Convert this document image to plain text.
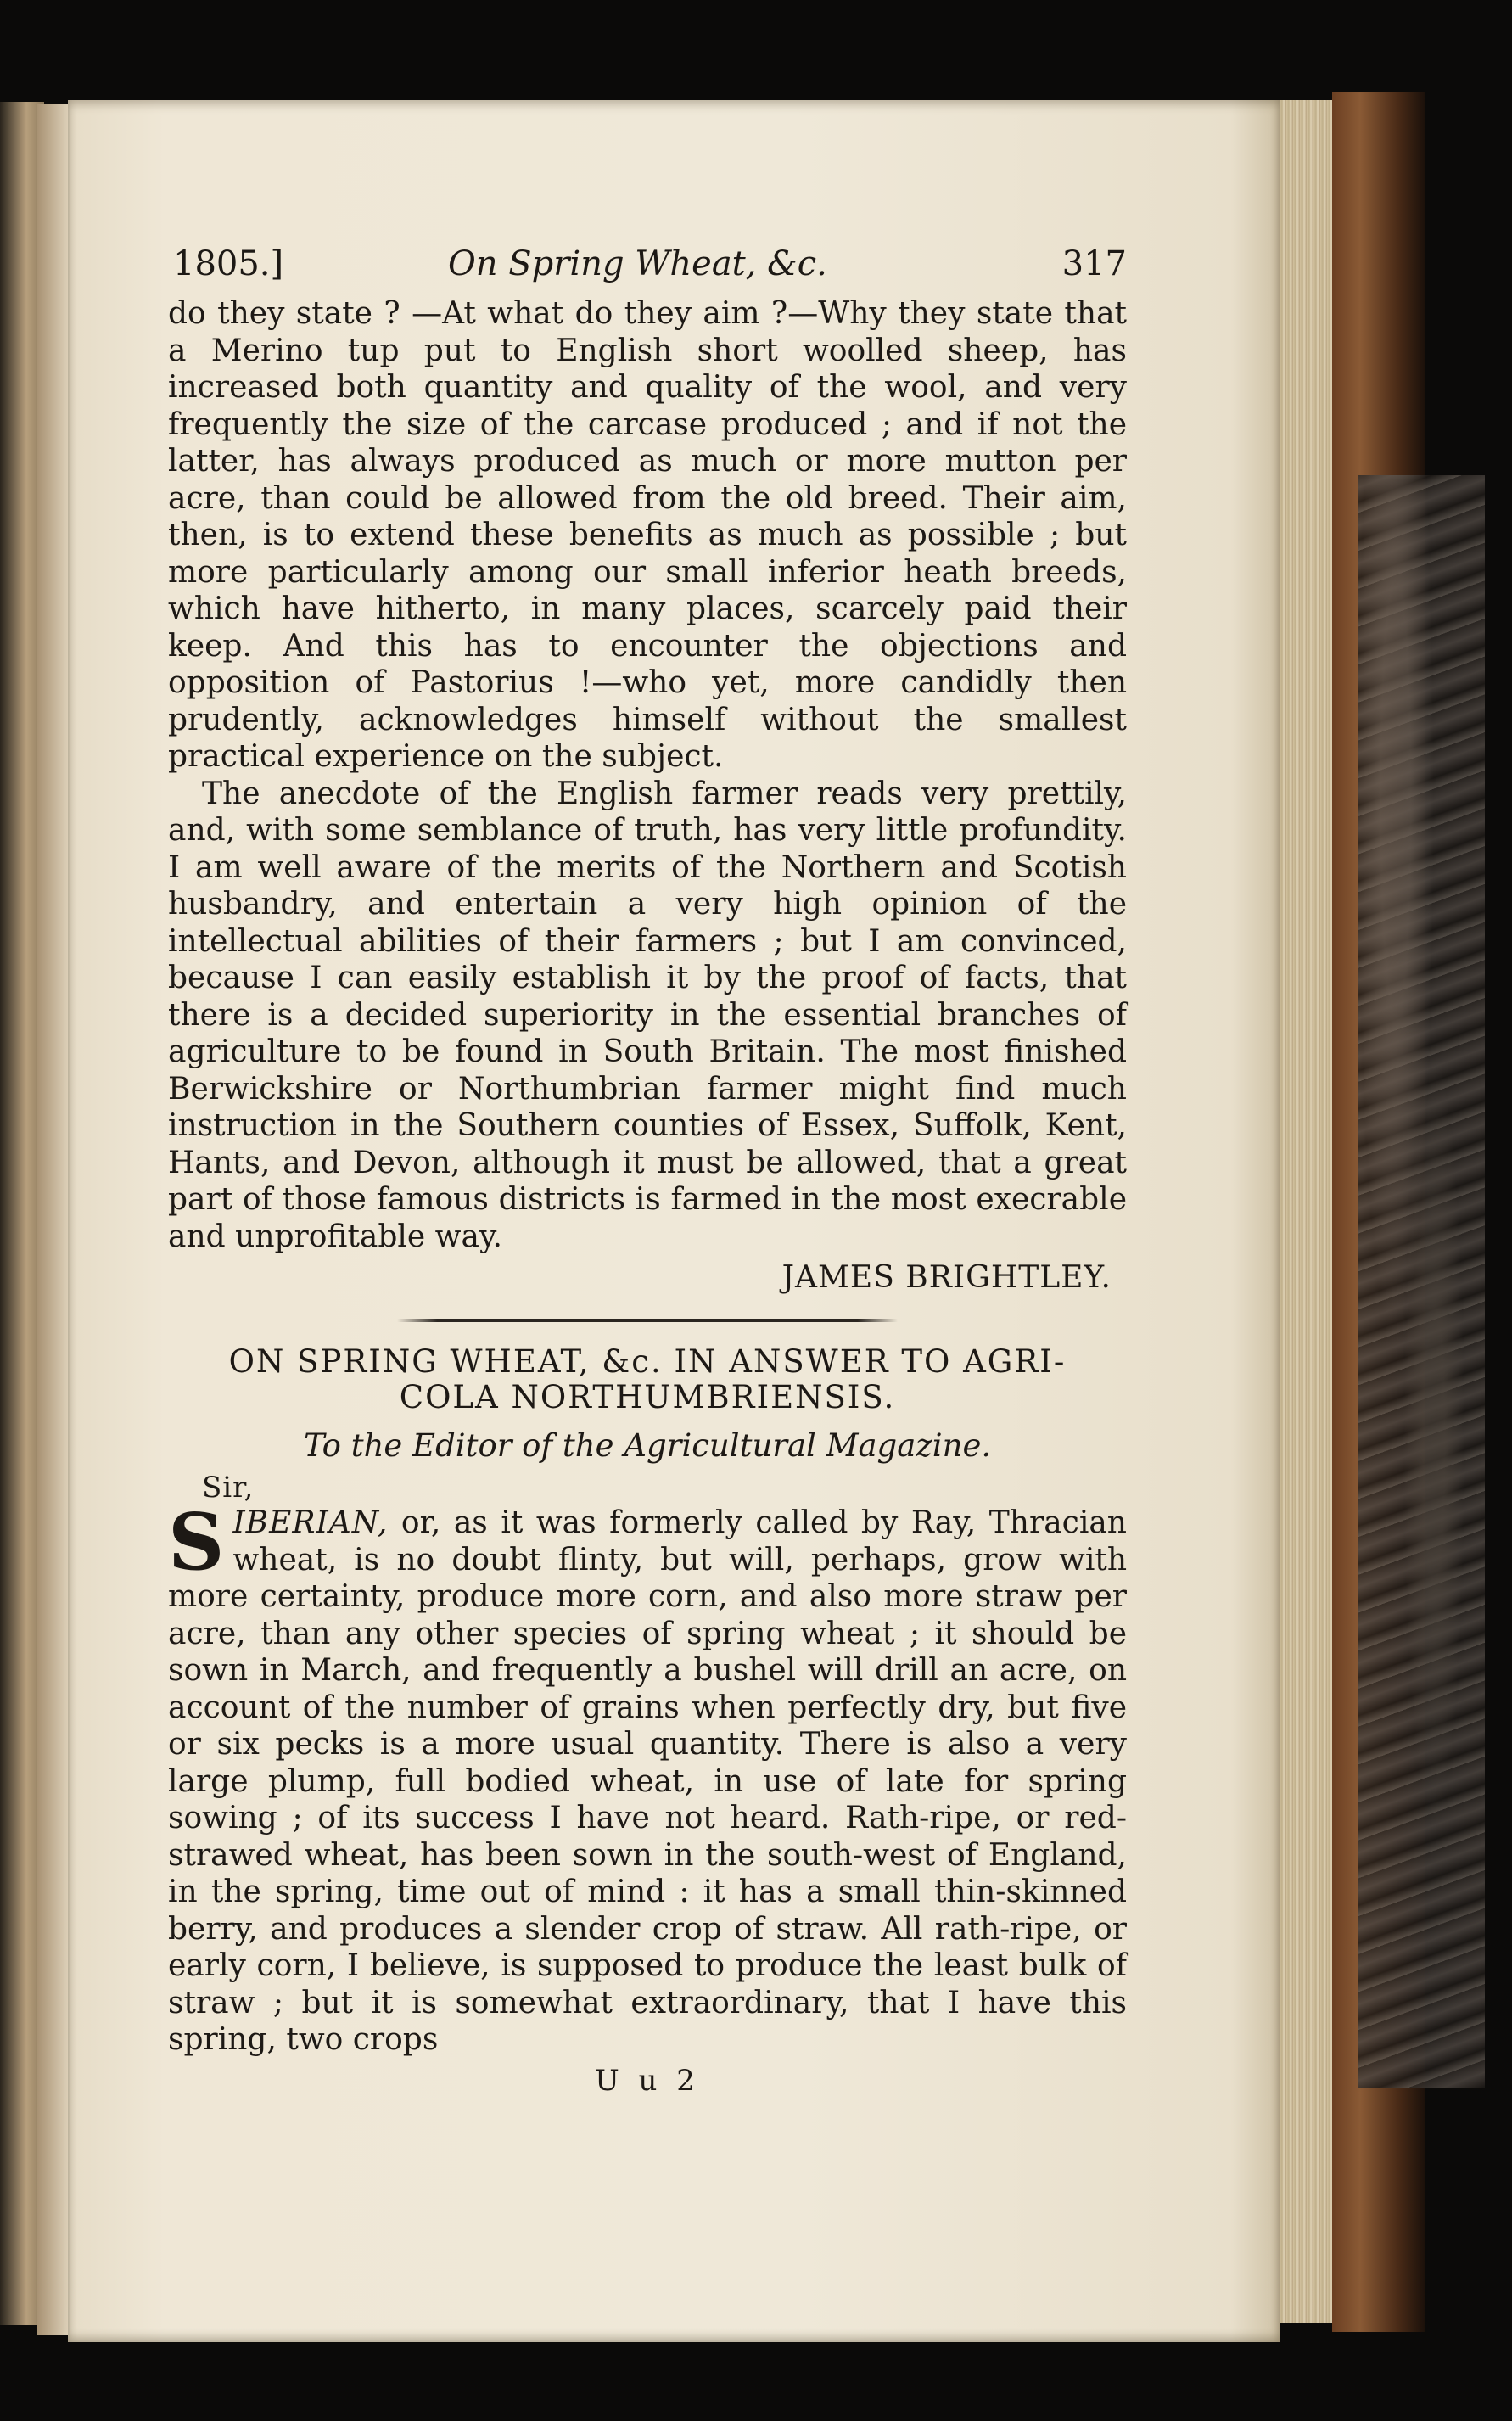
1805.]	On Spring Wheat, &c.	317

do they state ? —At what do they aim ?—Why they state that a Merino tup put to English short woolled sheep, has increased both quantity and quality of the wool, and very frequently the size of the carcase produced ; and if not the latter, has always produced as much or more mutton per acre, than could be allowed from the old breed. Their aim, then, is to extend these benefits as much as possible ; but more particularly among our small inferior heath breeds, which have hitherto, in many places, scarcely paid their keep. And this has to encounter the objections and opposition of Pastorius !—who yet, more candidly then prudently, acknowledges himself without the smallest practical experience on the subject.

The anecdote of the English farmer reads very prettily, and, with some semblance of truth, has very little profundity. I am well aware of the merits of the Northern and Scotish husbandry, and entertain a very high opinion of the intellectual abilities of their farmers ; but I am convinced, because I can easily establish it by the proof of facts, that there is a decided superiority in the essential branches of agriculture to be found in South Britain. The most finished Berwickshire or Northumbrian farmer might find much instruction in the Southern counties of Essex, Suffolk, Kent, Hants, and Devon, although it must be allowed, that a great part of those famous districts is farmed in the most execrable and unprofitable way.

JAMES BRIGHTLEY.
ON SPRING WHEAT, &c. IN ANSWER TO AGRI-
COLA NORTHUMBRIENSIS.
To the Editor of the Agricultural Magazine.
Sir,

SIBERIAN, or, as it was formerly called by Ray, Thracian wheat, is no doubt flinty, but will, perhaps, grow with more certainty, produce more corn, and also more straw per acre, than any other species of spring wheat ; it should be sown in March, and frequently a bushel will drill an acre, on account of the number of grains when perfectly dry, but five or six pecks is a more usual quantity. There is also a very large plump, full bodied wheat, in use of late for spring sowing ; of its success I have not heard. Rath-ripe, or red-strawed wheat, has been sown in the south-west of England, in the spring, time out of mind : it has a small thin-skinned berry, and produces a slender crop of straw. All rath-ripe, or early corn, I believe, is supposed to produce the least bulk of straw ; but it is somewhat extraordinary, that I have this spring, two crops

U u 2
